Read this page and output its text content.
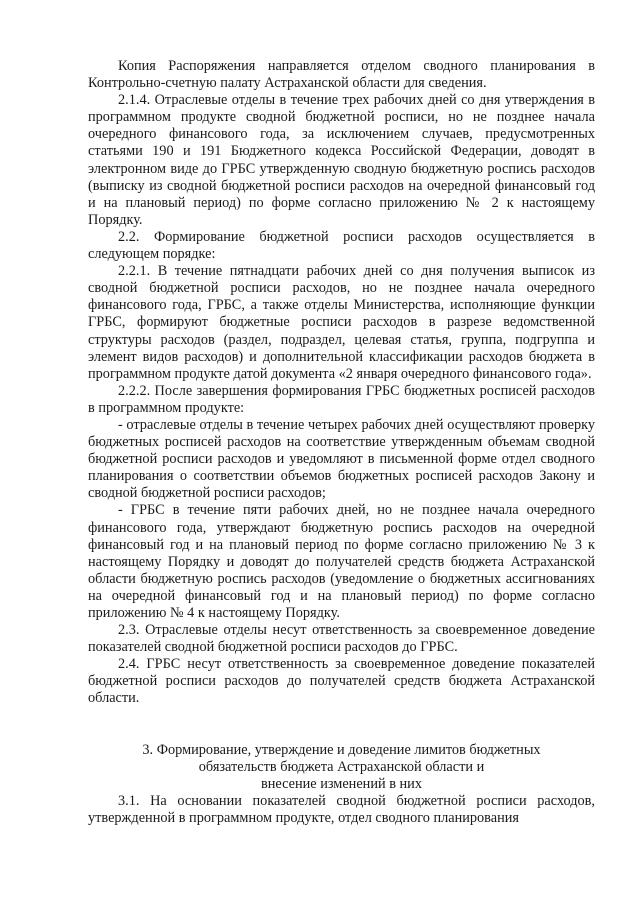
Копия Распоряжения направляется отделом сводного планирования в Контрольно-счетную палату Астраханской области для сведения.

2.1.4. Отраслевые отделы в течение трех рабочих дней со дня утверждения в программном продукте сводной бюджетной росписи, но не позднее начала очередного финансового года, за исключением случаев, предусмотренных статьями 190 и 191 Бюджетного кодекса Российской Федерации, доводят в электронном виде до ГРБС утвержденную сводную бюджетную роспись расходов (выписку из сводной бюджетной росписи расходов на очередной финансовый год и на плановый период) по форме согласно приложению № 2 к настоящему Порядку.

2.2. Формирование бюджетной росписи расходов осуществляется в следующем порядке:

2.2.1. В течение пятнадцати рабочих дней со дня получения выписок из сводной бюджетной росписи расходов, но не позднее начала очередного финансового года, ГРБС, а также отделы Министерства, исполняющие функции ГРБС, формируют бюджетные росписи расходов в разрезе ведомственной структуры расходов (раздел, подраздел, целевая статья, группа, подгруппа и элемент видов расходов) и дополнительной классификации расходов бюджета в программном продукте датой документа «2 января очередного финансового года».

2.2.2. После завершения формирования ГРБС бюджетных росписей расходов в программном продукте:

- отраслевые отделы в течение четырех рабочих дней осуществляют проверку бюджетных росписей расходов на соответствие утвержденным объемам сводной бюджетной росписи расходов и уведомляют в письменной форме отдел сводного планирования о соответствии объемов бюджетных росписей расходов Закону и сводной бюджетной росписи расходов;

- ГРБС в течение пяти рабочих дней, но не позднее начала очередного финансового года, утверждают бюджетную роспись расходов на очередной финансовый год и на плановый период по форме согласно приложению № 3 к настоящему Порядку и доводят до получателей средств бюджета Астраханской области бюджетную роспись расходов (уведомление о бюджетных ассигнованиях на очередной финансовый год и на плановый период) по форме согласно приложению № 4 к настоящему Порядку.

2.3. Отраслевые отделы несут ответственность за своевременное доведение показателей сводной бюджетной росписи расходов до ГРБС.

2.4. ГРБС несут ответственность за своевременное доведение показателей бюджетной росписи расходов до получателей средств бюджета Астраханской области.

3. Формирование, утверждение и доведение лимитов бюджетных

обязательств бюджета Астраханской области и

внесение изменений в них

3.1. На основании показателей сводной бюджетной росписи расходов, утвержденной в программном продукте, отдел сводного планирования
